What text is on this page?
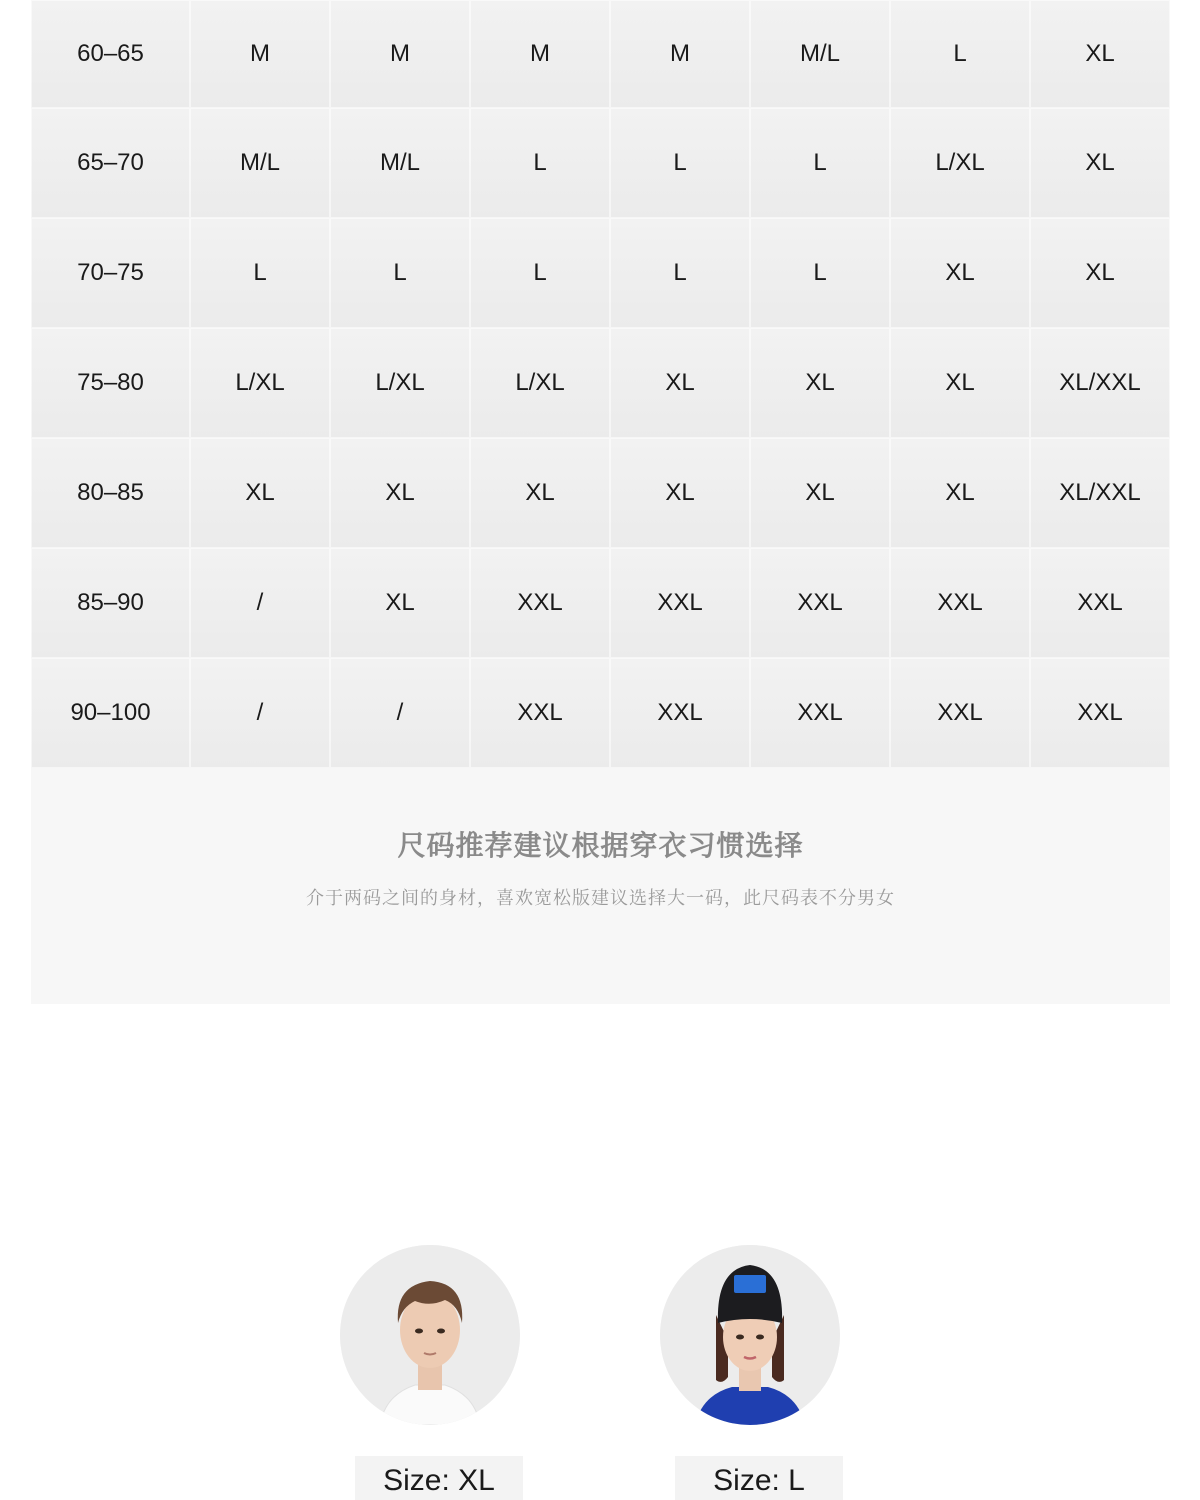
60–65	M	M	M	M	M/L	L	XL
65–70	M/L	M/L	L	L	L	L/XL	XL
70–75	L	L	L	L	L	XL	XL
75–80	L/XL	L/XL	L/XL	XL	XL	XL	XL/XXL
80–85	XL	XL	XL	XL	XL	XL	XL/XXL
85–90	/	XL	XXL	XXL	XXL	XXL	XXL
90–100	/	/	XXL	XXL	XXL	XXL	XXL
尺码推荐建议根据穿衣习惯选择
介于两码之间的身材，喜欢宽松版建议选择大一码，此尺码表不分男女
Size: XL	Size: L
